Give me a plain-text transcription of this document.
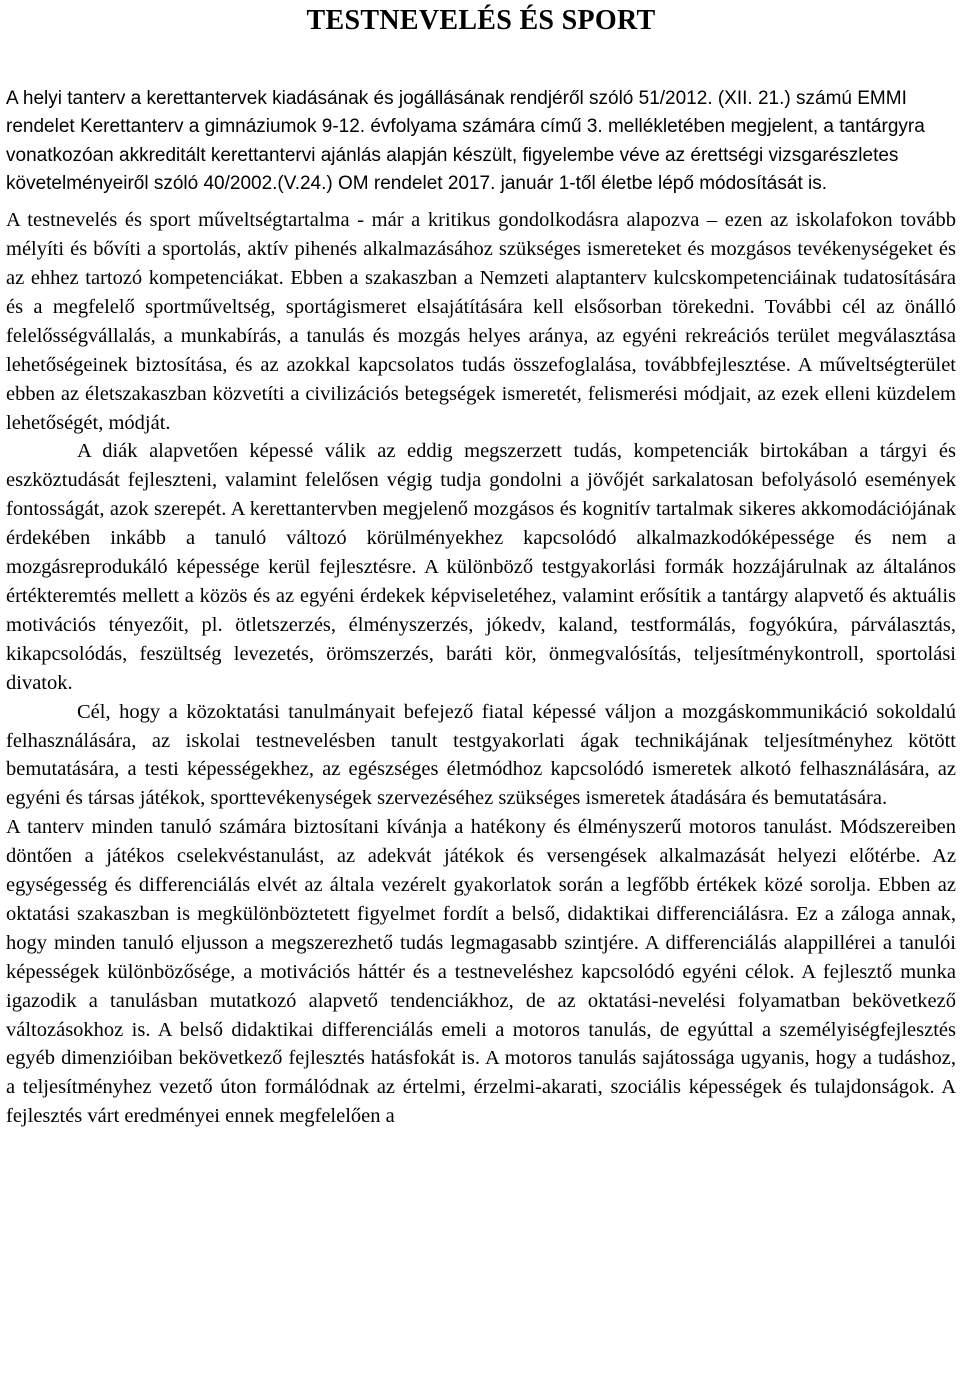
TESTNEVELÉS ÉS SPORT

A helyi tanterv a kerettantervek kiadásának és jogállásának rendjéről szóló 51/2012. (XII. 21.) számú EMMI rendelet Kerettanterv a gimnáziumok 9-12. évfolyama számára című 3. mellékletében megjelent, a tantárgyra vonatkozóan akkreditált kerettantervi ajánlás alapján készült, figyelembe véve az érettségi vizsgarészletes követelményeiről szóló 40/2002.(V.24.) OM rendelet 2017. január 1-től életbe lépő módosítását is.

A testnevelés és sport műveltségtartalma - már a kritikus gondolkodásra alapozva – ezen az iskolafokon tovább mélyíti és bővíti a sportolás, aktív pihenés alkalmazásához szükséges ismereteket és mozgásos tevékenységeket és az ehhez tartozó kompetenciákat. Ebben a szakaszban a Nemzeti alaptanterv kulcskompetenciáinak tudatosítására és a megfelelő sportműveltség, sportágismeret elsajátítására kell elsősorban törekedni. További cél az önálló felelősségvállalás, a munkabírás, a tanulás és mozgás helyes aránya, az egyéni rekreációs terület megválasztása lehetőségeinek biztosítása, és az azokkal kapcsolatos tudás összefoglalása, továbbfejlesztése. A műveltségterület ebben az életszakaszban közvetíti a civilizációs betegségek ismeretét, felismerési módjait, az ezek elleni küzdelem lehetőségét, módját.

A diák alapvetően képessé válik az eddig megszerzett tudás, kompetenciák birtokában a tárgyi és eszköztudását fejleszteni, valamint felelősen végig tudja gondolni a jövőjét sarkalatosan befolyásoló események fontosságát, azok szerepét. A kerettantervben megjelenő mozgásos és kognitív tartalmak sikeres akkomodációjának érdekében inkább a tanuló változó körülményekhez kapcsolódó alkalmazkodóképessége és nem a mozgásreprodukáló képessége kerül fejlesztésre. A különböző testgyakorlási formák hozzájárulnak az általános értékteremtés mellett a közös és az egyéni érdekek képviseletéhez, valamint erősítik a tantárgy alapvető és aktuális motivációs tényezőit, pl. ötletszerzés, élményszerzés, jókedv, kaland, testformálás, fogyókúra, párválasztás, kikapcsolódás, feszültség levezetés, örömszerzés, baráti kör, önmegvalósítás, teljesítménykontroll, sportolási divatok.

Cél, hogy a közoktatási tanulmányait befejező fiatal képessé váljon a mozgáskommunikáció sokoldalú felhasználására, az iskolai testnevelésben tanult testgyakorlati ágak technikájának teljesítményhez kötött bemutatására, a testi képességekhez, az egészséges életmódhoz kapcsolódó ismeretek alkotó felhasználására, az egyéni és társas játékok, sporttevékenységek szervezéséhez szükséges ismeretek átadására és bemutatására.

A tanterv minden tanuló számára biztosítani kívánja a hatékony és élményszerű motoros tanulást. Módszereiben döntően a játékos cselekvéstanulást, az adekvát játékok és versengések alkalmazását helyezi előtérbe. Az egységesség és differenciálás elvét az általa vezérelt gyakorlatok során a legfőbb értékek közé sorolja. Ebben az oktatási szakaszban is megkülönböztetett figyelmet fordít a belső, didaktikai differenciálásra. Ez a záloga annak, hogy minden tanuló eljusson a megszerezhető tudás legmagasabb szintjére. A differenciálás alappillérei a tanulói képességek különbözősége, a motivációs háttér és a testneveléshez kapcsolódó egyéni célok. A fejlesztő munka igazodik a tanulásban mutatkozó alapvető tendenciákhoz, de az oktatási-nevelési folyamatban bekövetkező változásokhoz is. A belső didaktikai differenciálás emeli a motoros tanulás, de egyúttal a személyiségfejlesztés egyéb dimenzióiban bekövetkező fejlesztés hatásfokát is. A motoros tanulás sajátossága ugyanis, hogy a tudáshoz, a teljesítményhez vezető úton formálódnak az értelmi, érzelmi-akarati, szociális képességek és tulajdonságok. A fejlesztés várt eredményei ennek megfelelően a
